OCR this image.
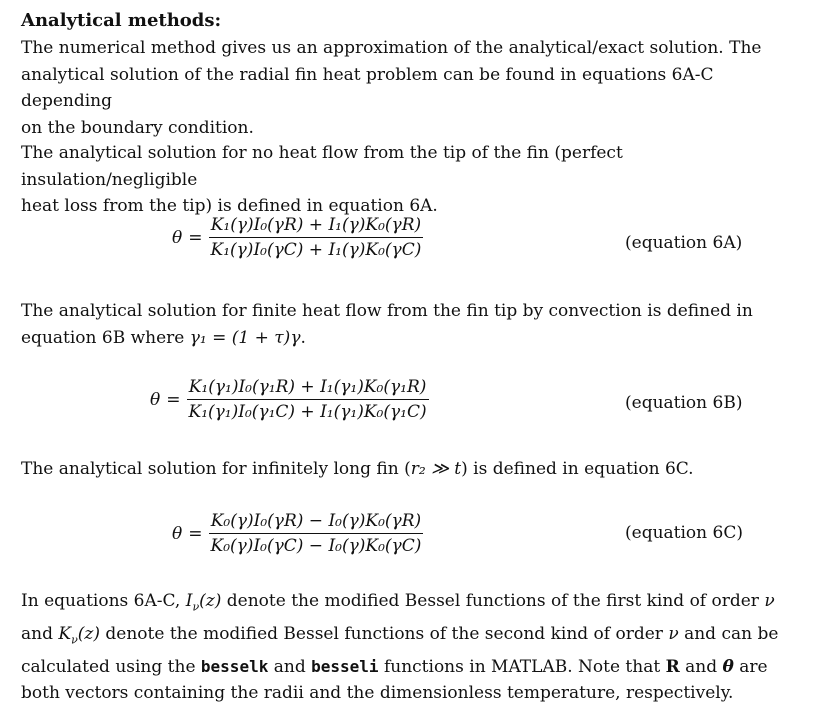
Analytical methods:
The numerical method gives us an approximation of the analytical/exact solution. The
analytical solution of the radial fin heat problem can be found in equations 6A-C depending
on the boundary condition.
The analytical solution for no heat flow from the tip of the fin (perfect insulation/negligible
heat loss from the tip) is defined in equation 6A.
$\theta = \frac{\text{K₁(γ)I₀(γR) + I₁(γ)K₀(γR)}}{\text{K₁(γ)I₀(γC) + I₁(γ)K₀(γC)}}$	(equation 6A)
The analytical solution for finite heat flow from the fin tip by convection is defined in
equation 6B where γ₁ = (1 + τ)γ.
$\theta = \frac{\text{K₁(γ₁)I₀(γ₁R) + I₁(γ₁)K₀(γ₁R)}}{\text{K₁(γ₁)I₀(γ₁C) + I₁(γ₁)K₀(γ₁C)}}$	(equation 6B)
The analytical solution for infinitely long fin (r₂ ≫ t) is defined in equation 6C.
$\theta = \frac{\text{K₀(γ)I₀(γR) − I₀(γ)K₀(γR)}}{\text{K₀(γ)I₀(γC) − I₀(γ)K₀(γC)}}$	(equation 6C)
In equations 6A-C, $I_\nu(z)$ denote the modified Bessel functions of the first kind of order ν
and $K_\nu(z)$ denote the modified Bessel functions of the second kind of order ν and can be
calculated using the besselk and besseli functions in MATLAB. Note that R and θ are
both vectors containing the radii and the dimensionless temperature, respectively.
